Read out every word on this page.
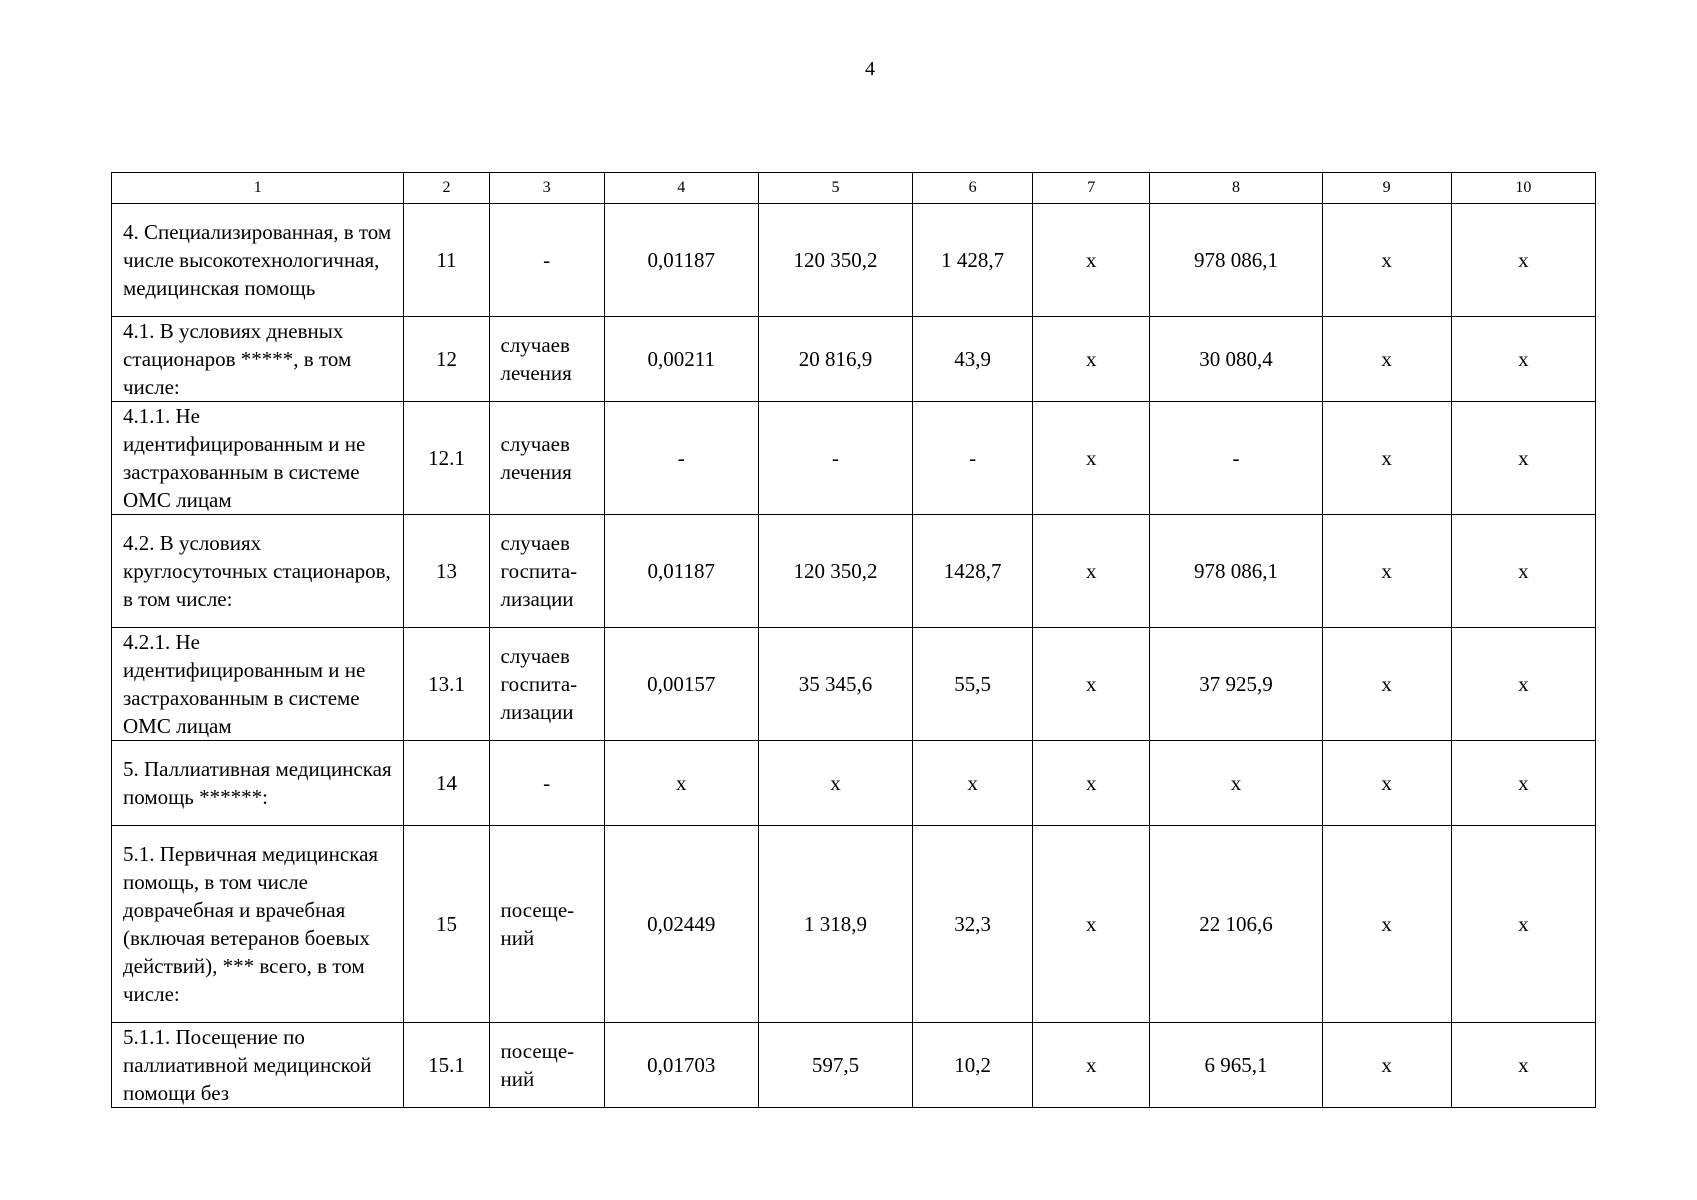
4
1	2	3	4	5	6	7	8	9	10
4. Специализированная, в том числе высокотехнологичная, медицинская помощь	11	-	0,01187	120 350,2	1 428,7	х	978 086,1	х	х
4.1. В условиях дневных стационаров *****, в том числе:	12	случаев лечения	0,00211	20 816,9	43,9	х	30 080,4	х	х
4.1.1. Не идентифицированным и не застрахованным в системе ОМС лицам	12.1	случаев лечения	-	-	-	х	-	х	х
4.2. В условиях круглосуточных стационаров, в том числе:	13	случаев госпита-лизации	0,01187	120 350,2	1428,7	х	978 086,1	х	х
4.2.1. Не идентифицированным и не застрахованным в системе ОМС лицам	13.1	случаев госпита-лизации	0,00157	35 345,6	55,5	х	37 925,9	х	х
5. Паллиативная медицинская помощь ******:	14	-	х	х	х	х	х	х	х
5.1. Первичная медицинская помощь, в том числе доврачебная и врачебная (включая ветеранов боевых действий), *** всего, в том числе:	15	посеще-ний	0,02449	1 318,9	32,3	х	22 106,6	х	х
5.1.1. Посещение по паллиативной медицинской помощи без	15.1	посеще-ний	0,01703	597,5	10,2	х	6 965,1	х	х
